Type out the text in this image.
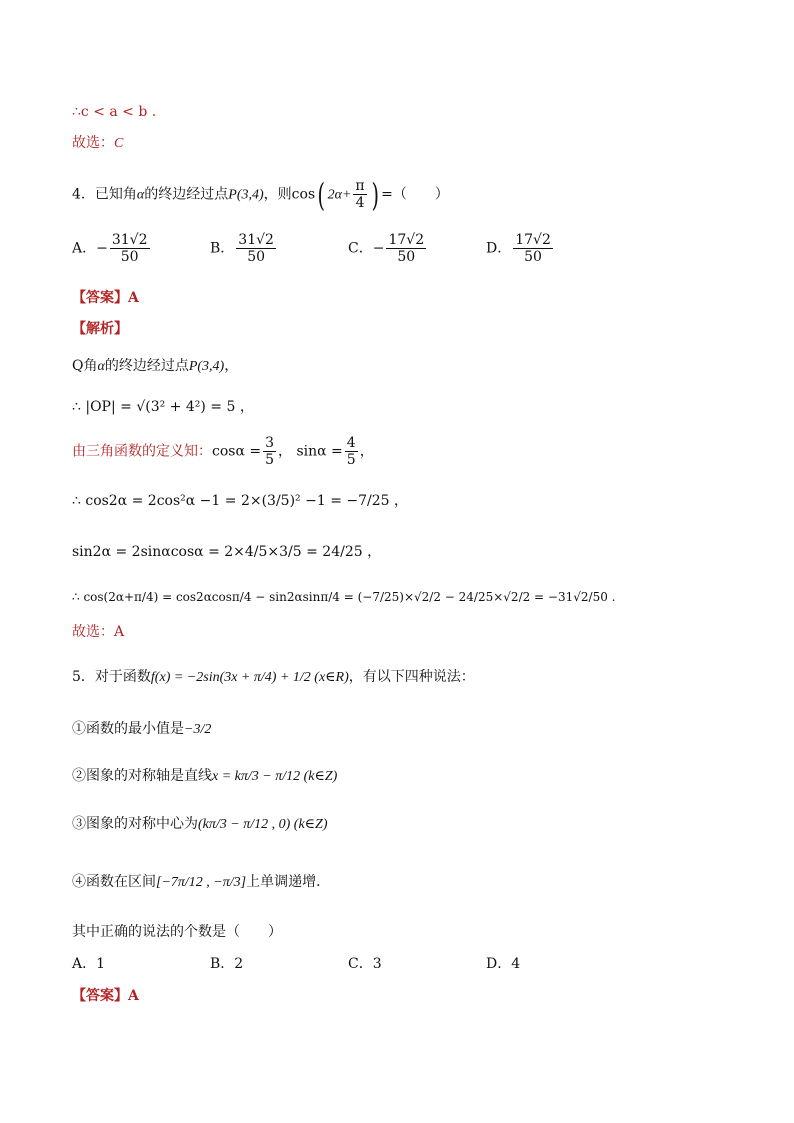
∴c < a < b .
故选：C
4．已知角α的终边经过点P(3,4)，则cos( $2\alpha+ \frac{\pi}{4}$ ) =（　　）
A．− $\frac{31√2}{50}$	B． $\frac{31√2}{50}$	C．− $\frac{17√2}{50}$	D． $\frac{17√2}{50}$
【答案】A
【解析】
Q角α的终边经过点P(3,4)，
∴ |OP| = √(3² + 4²) = 5 ，
由三角函数的定义知：$\cos\alpha = \frac{3}{5}$ ， $\sin\alpha = \frac{4}{5}$ ，
∴ cos2α = 2cos²α −1 = 2×(3/5)² −1 = −7/25 ，
sin2α = 2sinαcosα = 2×4/5×3/5 = 24/25 ，
∴ cos(2α+π/4) = cos2αcosπ/4 − sin2αsinπ/4 = (−7/25)×√2/2 − 24/25×√2/2 = −31√2/50 .
故选：A
5．对于函数f(x) = −2sin(3x + π/4) + 1/2 (x∈R)，有以下四种说法：
①函数的最小值是−3/2
②图象的对称轴是直线x = kπ/3 − π/12 (k∈Z)
③图象的对称中心为(kπ/3 − π/12 , 0) (k∈Z)
④函数在区间[−7π/12 , −π/3]上单调递增．
其中正确的说法的个数是（　　）
A．1	B．2	C．3	D．4
【答案】A
